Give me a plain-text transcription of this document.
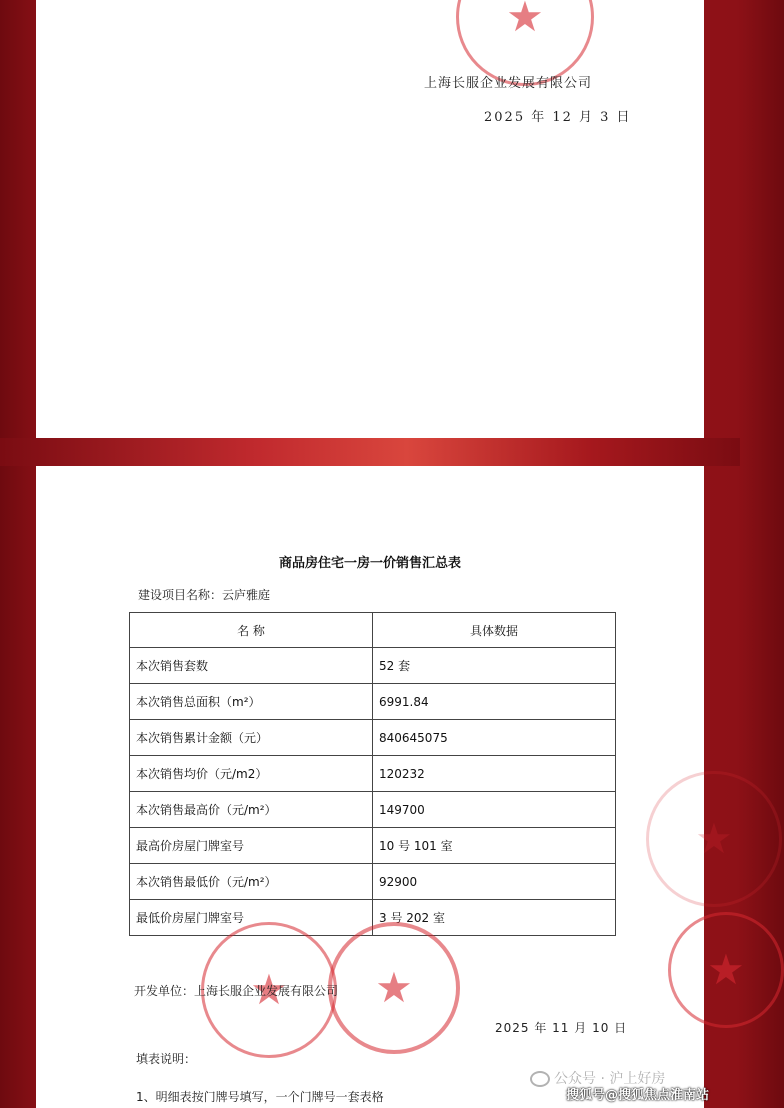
★
上海长服企业发展有限公司
2025 年 12 月 3 日
商品房住宅一房一价销售汇总表
建设项目名称：云庐雅庭
名 称	具体数据
本次销售套数	52 套
本次销售总面积（m²）	6991.84
本次销售累计金额（元）	840645075
本次销售均价（元/m2）	120232
本次销售最高价（元/m²）	149700
最高价房屋门牌室号	10 号 101 室
本次销售最低价（元/m²）	92900
最低价房屋门牌室号	3 号 202 室
★ ★
★
★
开发单位：上海长服企业发展有限公司
2025 年 11 月 10 日
填表说明：
1、明细表按门牌号填写，一个门牌号一套表格
公众号 · 沪上好房
搜狐号@搜狐焦点淮南站
